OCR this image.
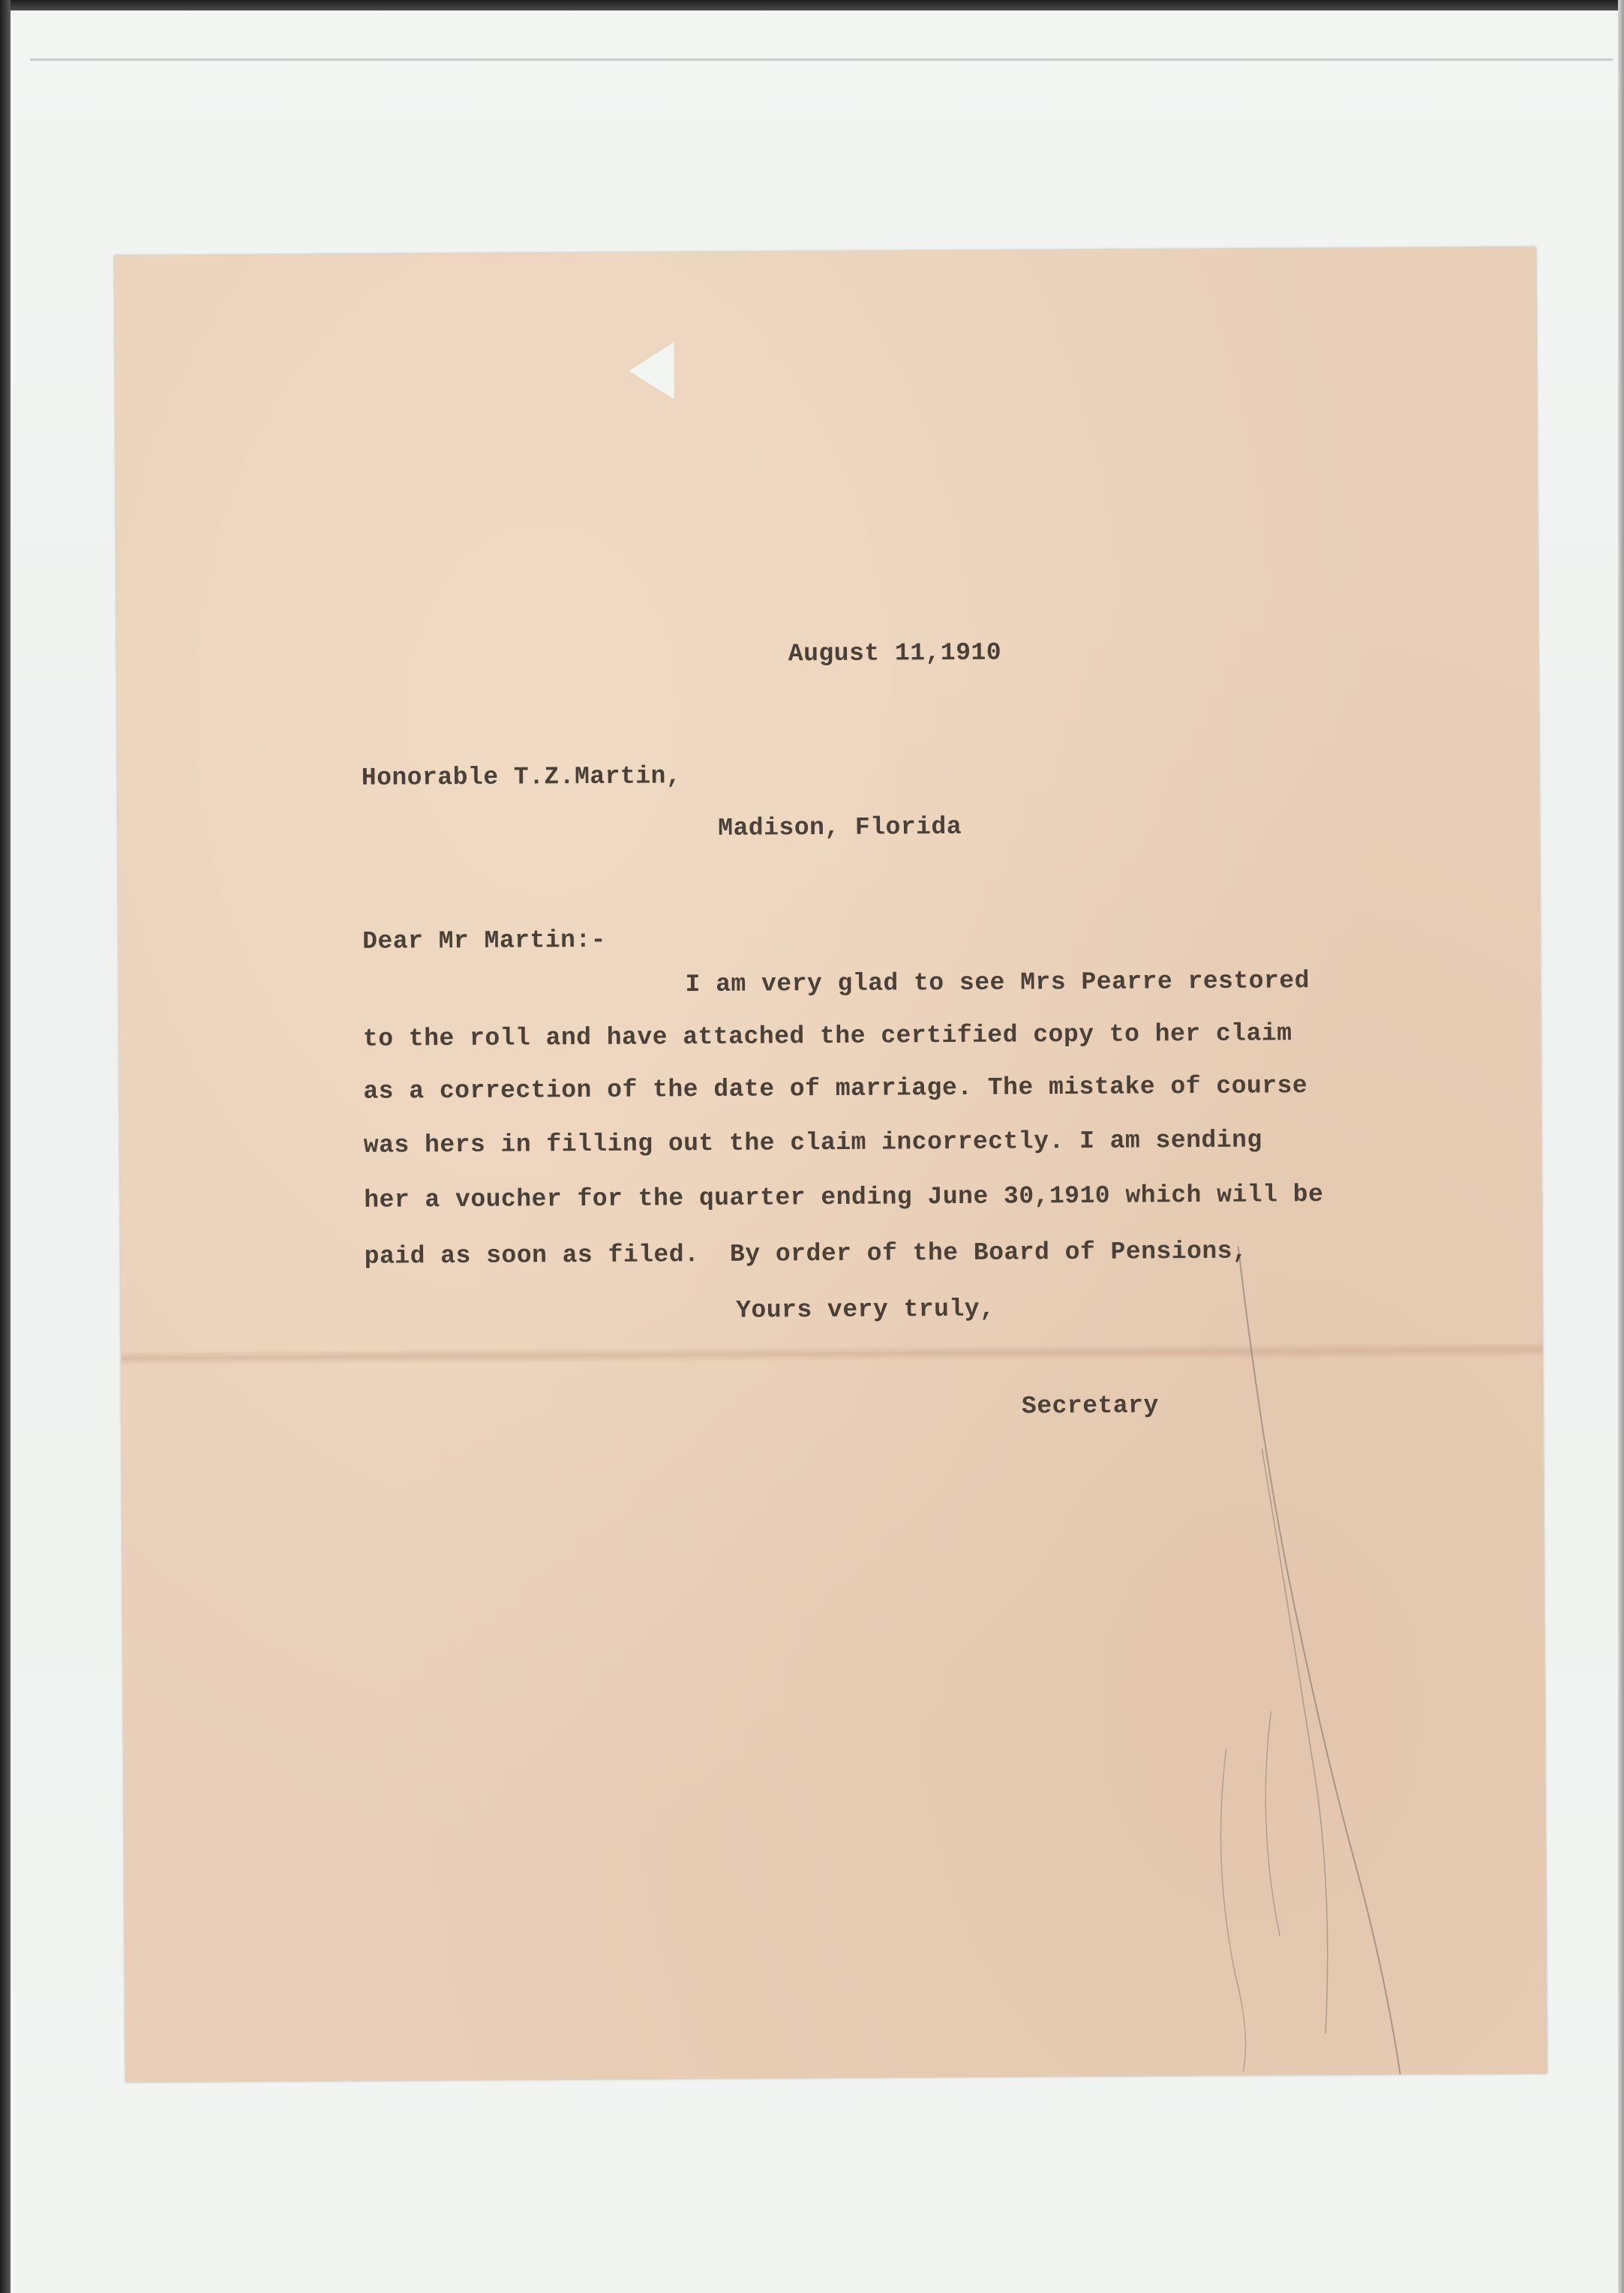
August 11,1910

Honorable T.Z.Martin,

Madison, Florida

Dear Mr Martin:-

I am very glad to see Mrs Pearre restored

to the roll and have attached the certified copy to her claim

as a correction of the date of marriage. The mistake of course

was hers in filling out the claim incorrectly. I am sending

her a voucher for the quarter ending June 30,1910 which will be

paid as soon as filed.  By order of the Board of Pensions,

Yours very truly,

Secretary
